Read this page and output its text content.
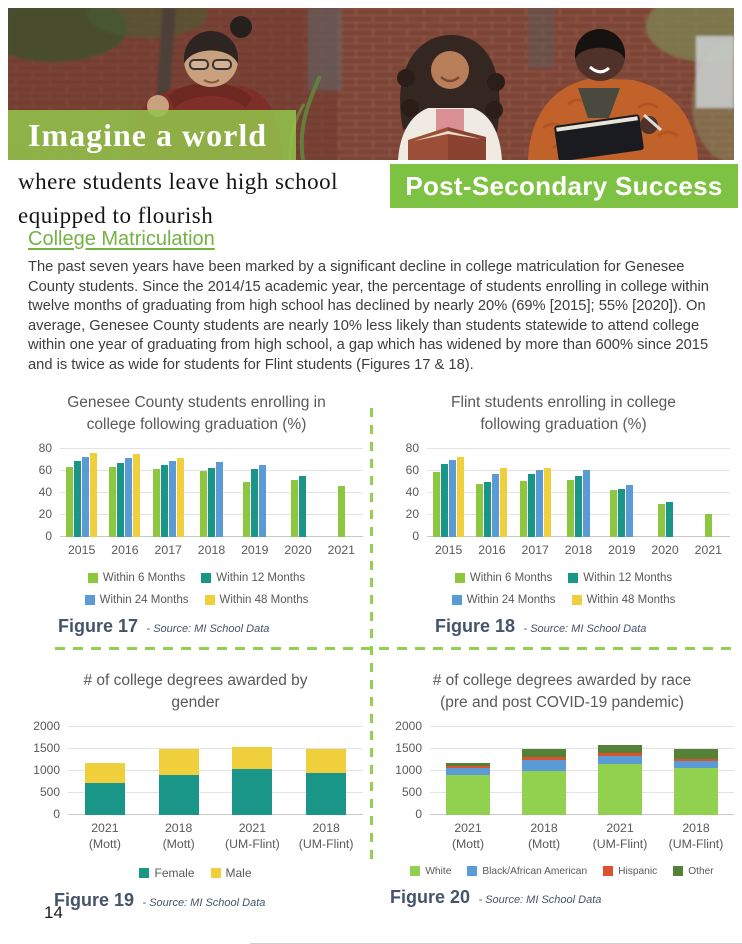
Imagine a world
where students leave high school
equipped to flourish
Post-Secondary Success
College Matriculation

The past seven years have been marked by a significant decline in college matriculation for Genesee County students. Since the 2014/15 academic year, the percentage of students enrolling in college within twelve months of graduating from high school has declined by nearly 20% (69% [2015]; 55% [2020]). On average, Genesee County students are nearly 10% less likely than students statewide to attend college within one year of graduating from high school, a gap which has widened by more than 600% since 2015 and is twice as wide for students for Flint students (Figures 17 & 18).

Genesee County students enrolling in
college following graduation (%)
0
20
40
60
80
2015	2016	2017	2018	2019	2020	2021
Within 6 Months	Within 12 Months
Within 24 Months	Within 48 Months
Figure 17 - Source: MI School Data
Flint students enrolling in college
following graduation (%)
0
20
40
60
80
2015	2016	2017	2018	2019	2020	2021
Within 6 Months	Within 12 Months
Within 24 Months	Within 48 Months
Figure 18 - Source: MI School Data
# of college degrees awarded by
gender
0
500
1000
1500
2000
2021
(Mott)
2018
(Mott)
2021
(UM-Flint)
2018
(UM-Flint)
Female	Male
Figure 19 - Source: MI School Data
# of college degrees awarded by race
(pre and post COVID-19 pandemic)
0
500
1000
1500
2000
2021
(Mott)
2018
(Mott)
2021
(UM-Flint)
2018
(UM-Flint)
White	Black/African American	Hispanic	Other
Figure 20 - Source: MI School Data
14
